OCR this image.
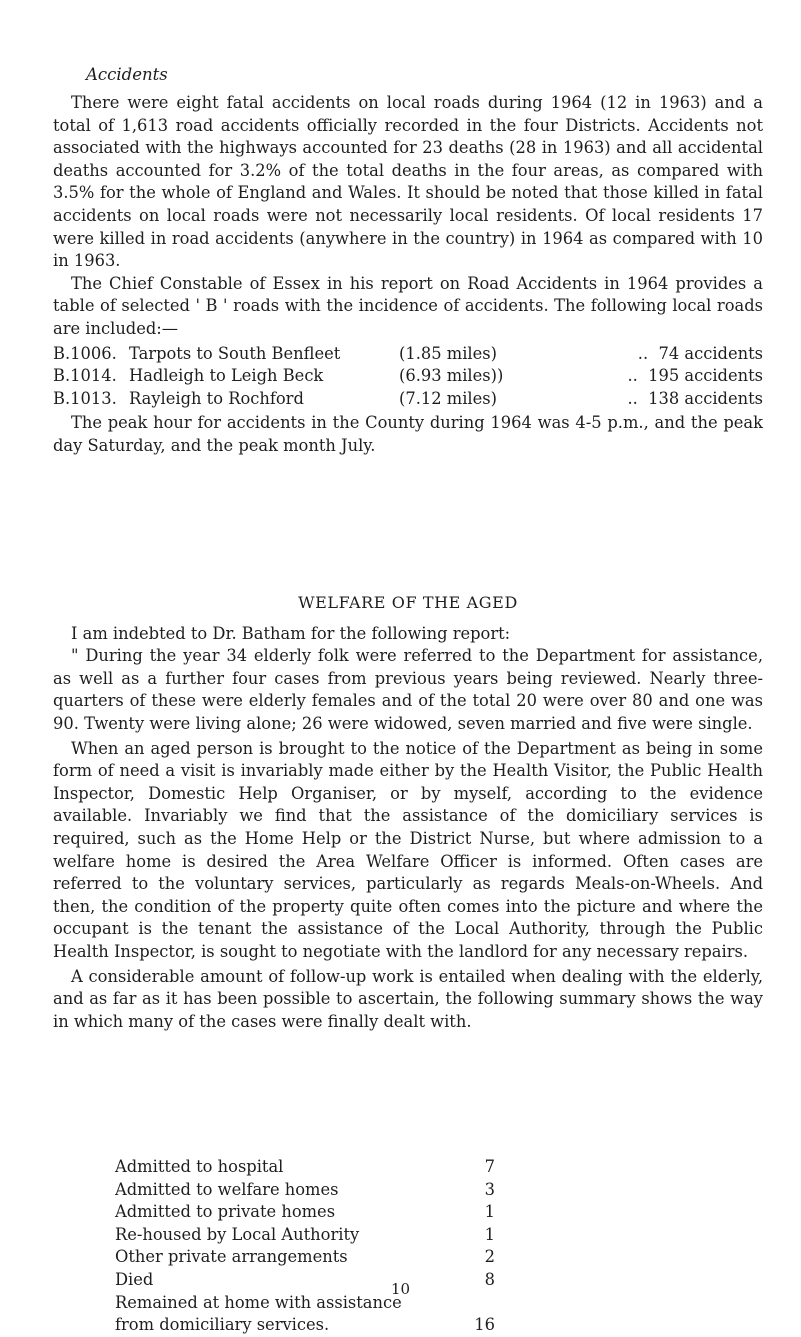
Accidents

There were eight fatal accidents on local roads during 1964 (12 in 1963) and a total of 1,613 road accidents officially recorded in the four Districts. Accidents not associated with the highways accounted for 23 deaths (28 in 1963) and all accidental deaths accounted for 3.2% of the total deaths in the four areas, as compared with 3.5% for the whole of England and Wales. It should be noted that those killed in fatal accidents on local roads were not necessarily local residents. Of local residents 17 were killed in road accidents (anywhere in the country) in 1964 as compared with 10 in 1963.

The Chief Constable of Essex in his report on Road Accidents in 1964 provides a table of selected ' B ' roads with the incidence of accidents. The following local roads are included:—

B.1006. Tarpots to South Benfleet	(1.85 miles)	.. 74 accidents
B.1014. Hadleigh to Leigh Beck	(6.93 miles))	.. 195 accidents
B.1013. Rayleigh to Rochford	(7.12 miles)	.. 138 accidents

The peak hour for accidents in the County during 1964 was 4-5 p.m., and the peak day Saturday, and the peak month July.

WELFARE OF THE AGED

I am indebted to Dr. Batham for the following report:

" During the year 34 elderly folk were referred to the Department for assistance, as well as a further four cases from previous years being reviewed. Nearly three-quarters of these were elderly females and of the total 20 were over 80 and one was 90. Twenty were living alone; 26 were widowed, seven married and five were single.

When an aged person is brought to the notice of the Department as being in some form of need a visit is invariably made either by the Health Visitor, the Public Health Inspector, Domestic Help Organiser, or by myself, according to the evidence available. Invariably we find that the assistance of the domiciliary services is required, such as the Home Help or the District Nurse, but where admission to a welfare home is desired the Area Welfare Officer is informed. Often cases are referred to the voluntary services, particularly as regards Meals-on-Wheels. And then, the condition of the property quite often comes into the picture and where the occupant is the tenant the assistance of the Local Authority, through the Public Health Inspector, is sought to negotiate with the landlord for any necessary repairs.

A considerable amount of follow-up work is entailed when dealing with the elderly, and as far as it has been possible to ascertain, the following summary shows the way in which many of the cases were finally dealt with.

Admitted to hospital	7
Admitted to welfare homes	3
Admitted to private homes	1
Re-housed by Local Authority	1
Other private arrangements	2
Died	8
Remained at home with assistance
from domiciliary services.	16
10
